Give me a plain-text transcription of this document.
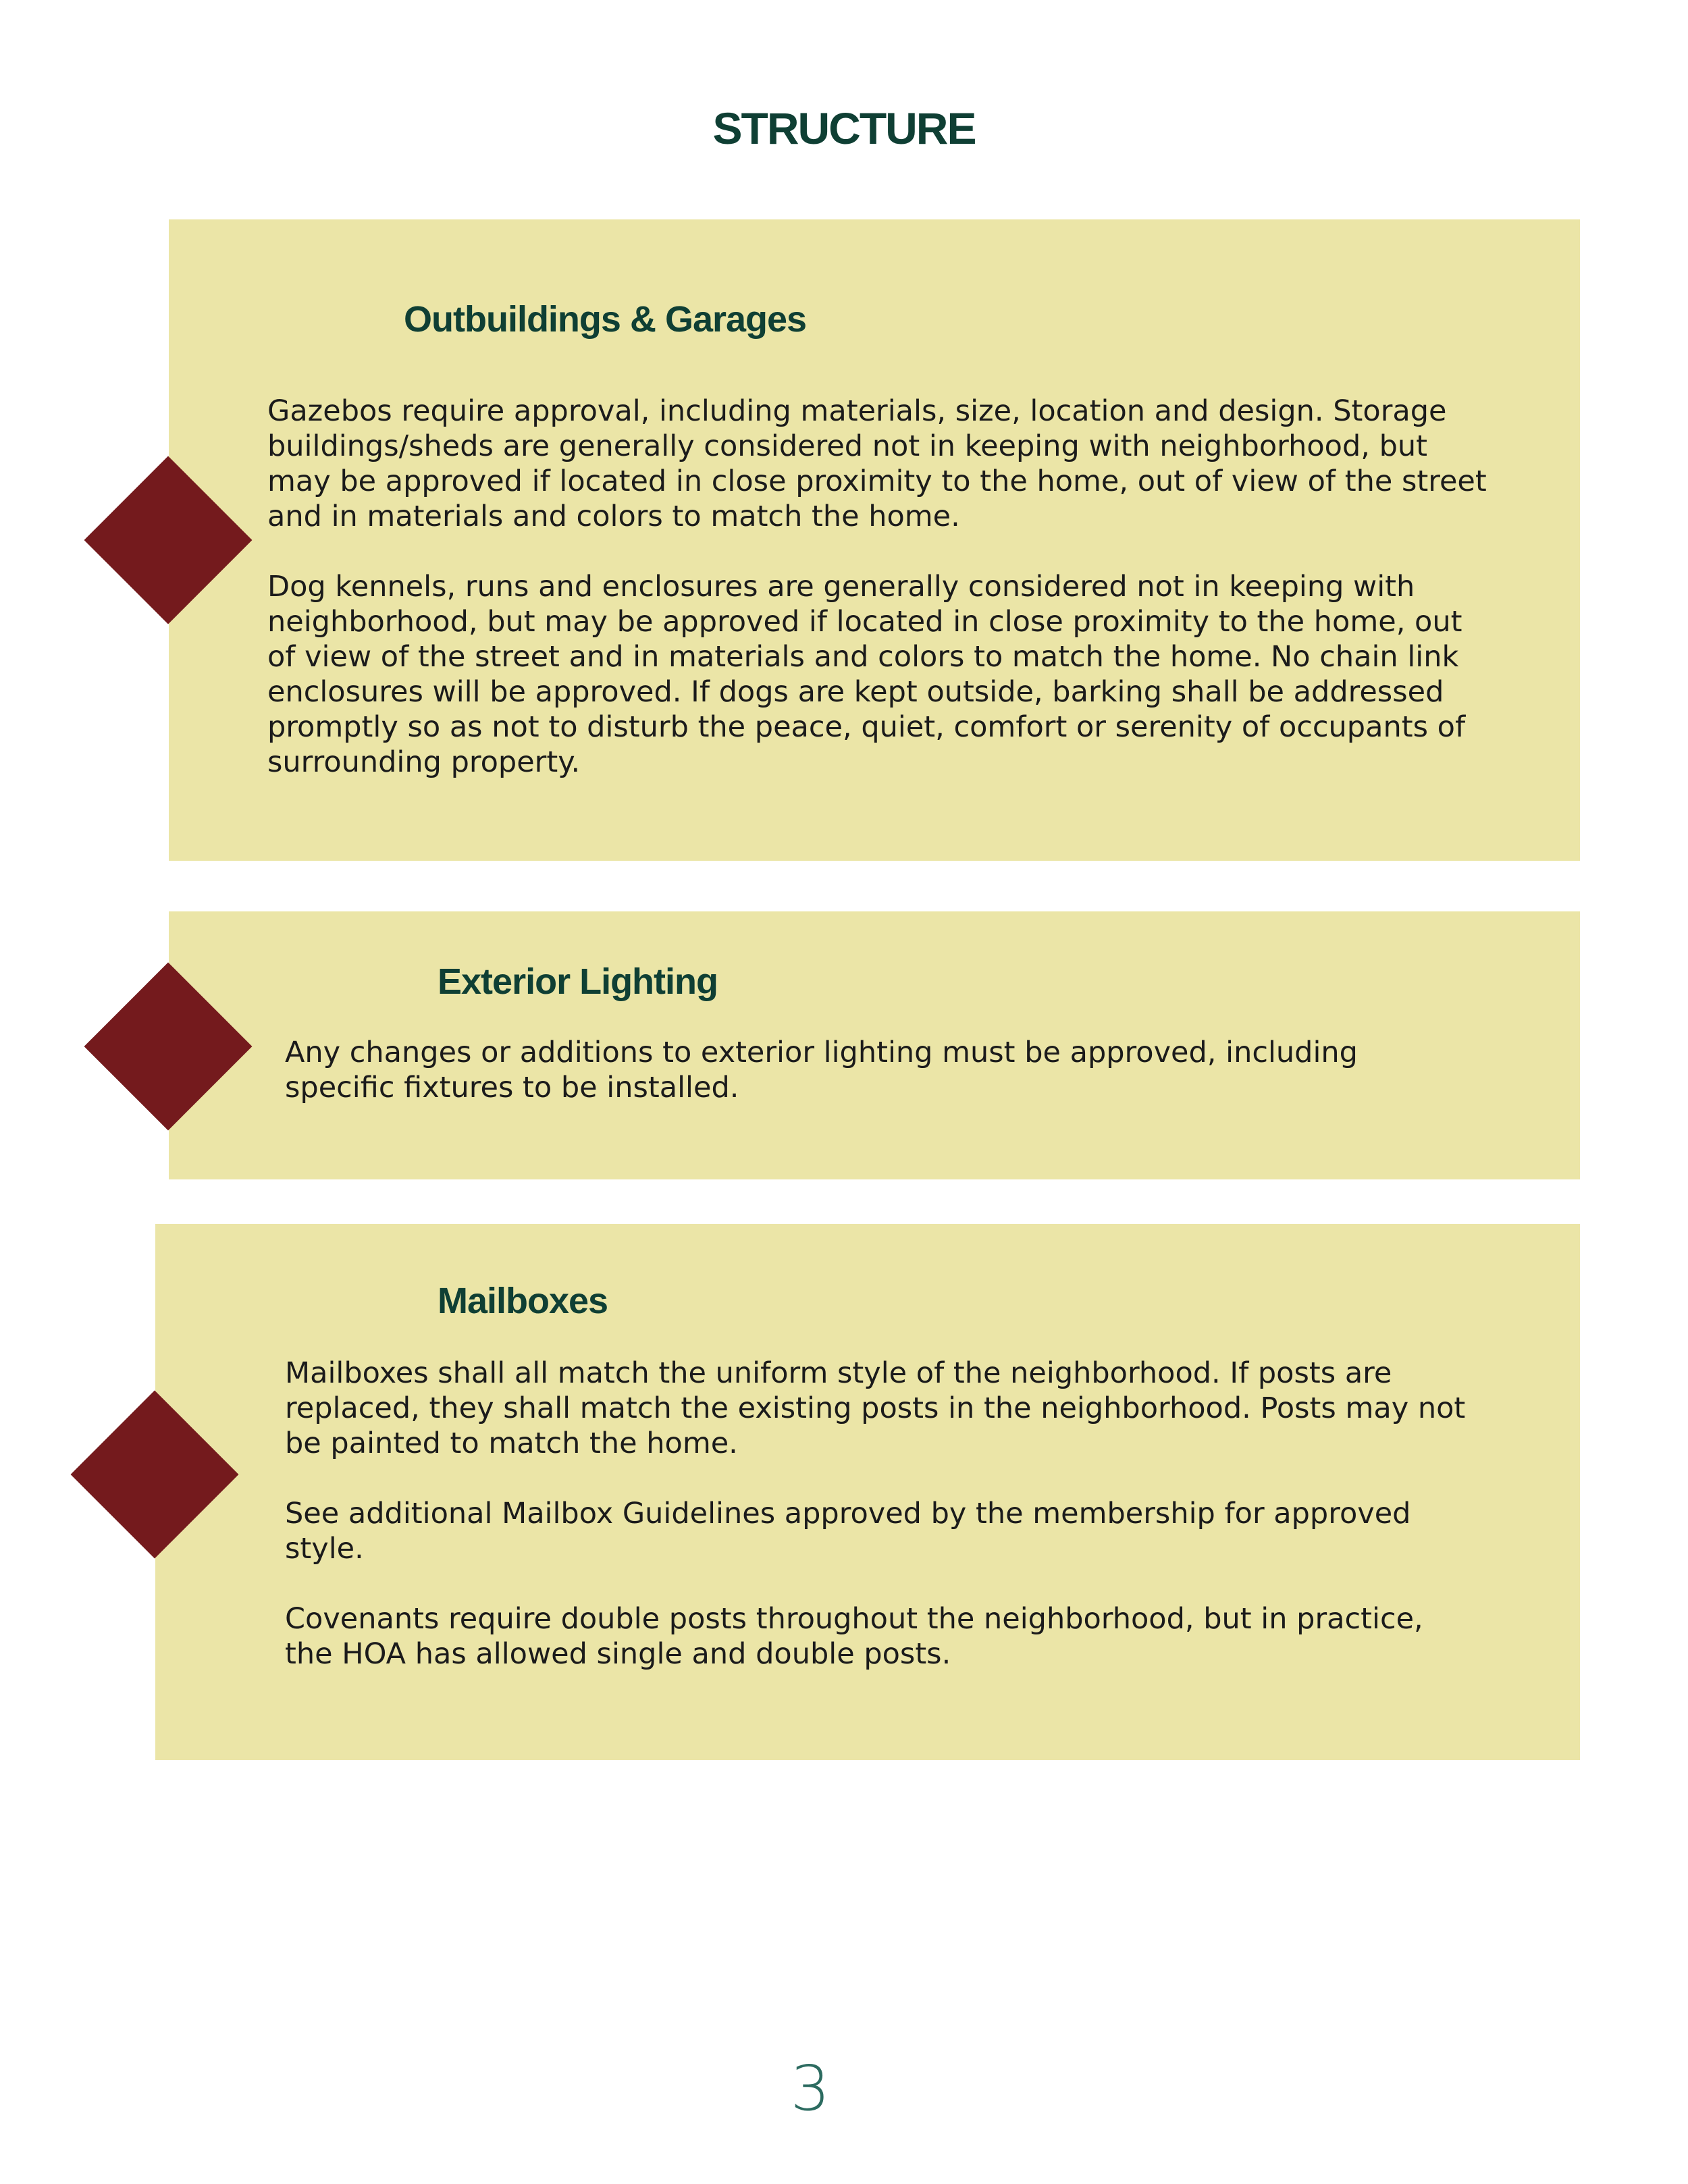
STRUCTURE
Outbuildings & Garages
Gazebos require approval, including materials, size, location and design. Storage
buildings/sheds are generally considered not in keeping with neighborhood, but
may be approved if located in close proximity to the home, out of view of the street
and in materials and colors to match the home.
Dog kennels, runs and enclosures are generally considered not in keeping with
neighborhood, but may be approved if located in close proximity to the home, out
of view of the street and in materials and colors to match the home. No chain link
enclosures will be approved. If dogs are kept outside, barking shall be addressed
promptly so as not to disturb the peace, quiet, comfort or serenity of occupants of
surrounding property.
Exterior Lighting
Any changes or additions to exterior lighting must be approved, including
specific fixtures to be installed.
Mailboxes
Mailboxes shall all match the uniform style of the neighborhood. If posts are
replaced, they shall match the existing posts in the neighborhood. Posts may not
be painted to match the home.
See additional Mailbox Guidelines approved by the membership for approved
style.
Covenants require double posts throughout the neighborhood, but in practice,
the HOA has allowed single and double posts.
3
